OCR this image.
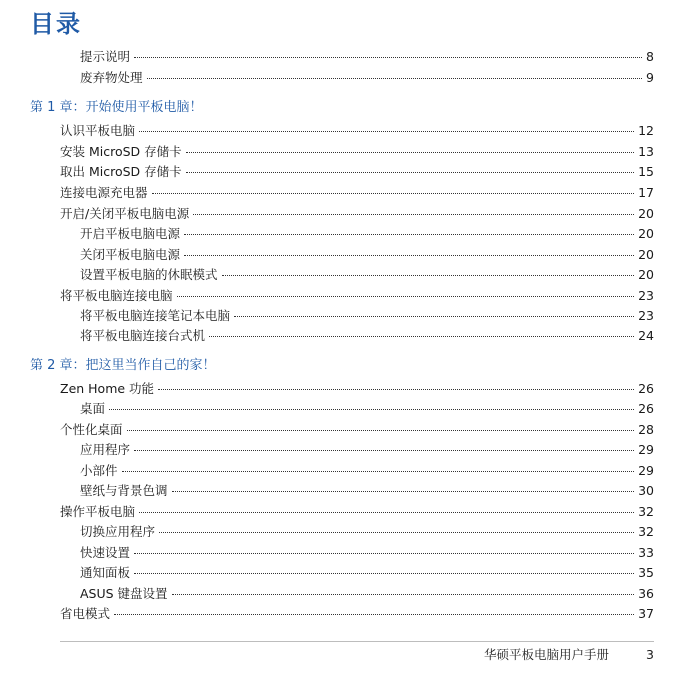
目录
提示说明	8
废弃物处理	9
第 1 章：开始使用平板电脑！
认识平板电脑	12
安装 MicroSD 存储卡	13
取出 MicroSD 存储卡	15
连接电源充电器	17
开启/关闭平板电脑电源	20
开启平板电脑电源	20
关闭平板电脑电源	20
设置平板电脑的休眠模式	20
将平板电脑连接电脑	23
将平板电脑连接笔记本电脑	23
将平板电脑连接台式机	24
第 2 章：把这里当作自己的家！
Zen Home 功能	26
桌面	26
个性化桌面	28
应用程序	29
小部件	29
壁纸与背景色调	30
操作平板电脑	32
切换应用程序	32
快速设置	33
通知面板	35
ASUS 键盘设置	36
省电模式	37
华硕平板电脑用户手册	3
